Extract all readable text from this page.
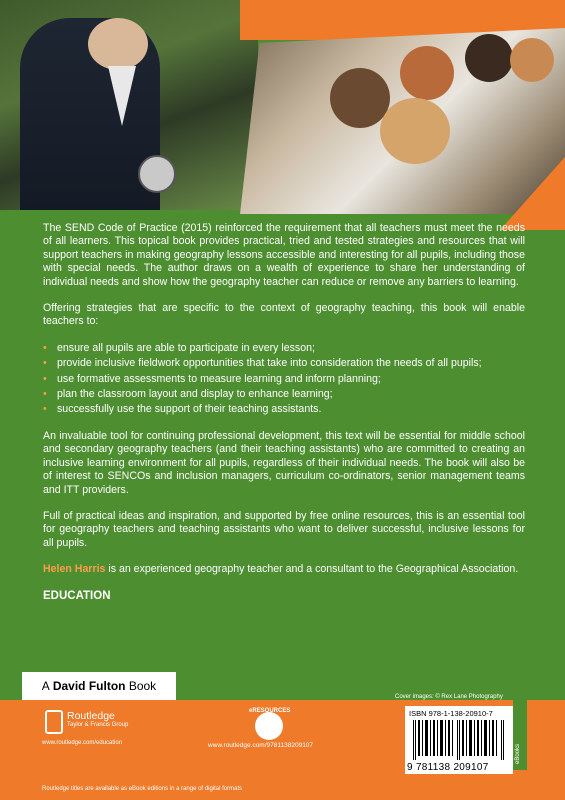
The SEND Code of Practice (2015) reinforced the requirement that all teachers must meet the needs of all learners. This topical book provides practical, tried and tested strategies and resources that will support teachers in making geography lessons accessible and interesting for all pupils, including those with special needs. The author draws on a wealth of experience to share her understanding of individual needs and show how the geography teacher can reduce or remove any barriers to learning.

Offering strategies that are specific to the context of geography teaching, this book will enable teachers to:

• ensure all pupils are able to participate in every lesson;
• provide inclusive fieldwork opportunities that take into consideration the needs of all pupils;
• use formative assessments to measure learning and inform planning;
• plan the classroom layout and display to enhance learning;
• successfully use the support of their teaching assistants.

An invaluable tool for continuing professional development, this text will be essential for middle school and secondary geography teachers (and their teaching assistants) who are committed to creating an inclusive learning environment for all pupils, regardless of their individual needs. The book will also be of interest to SENCOs and inclusion managers, curriculum co-ordinators, senior management teams and ITT providers.

Full of practical ideas and inspiration, and supported by free online resources, this is an essential tool for geography teachers and teaching assistants who want to deliver successful, inclusive lessons for all pupils.

Helen Harris is an experienced geography teacher and a consultant to the Geographical Association.

EDUCATION
A David Fulton
Book
Routledge
Taylor & Francis Group
www.routledge.com/education
eRESOURCES
www.routledge.com/9781138209107
Cover images: © Rex Lane Photography
ISBN 978-1-138-20910-7
9 781138 209107
eBooks
Routledge titles are available as eBook editions in a range of digital formats
